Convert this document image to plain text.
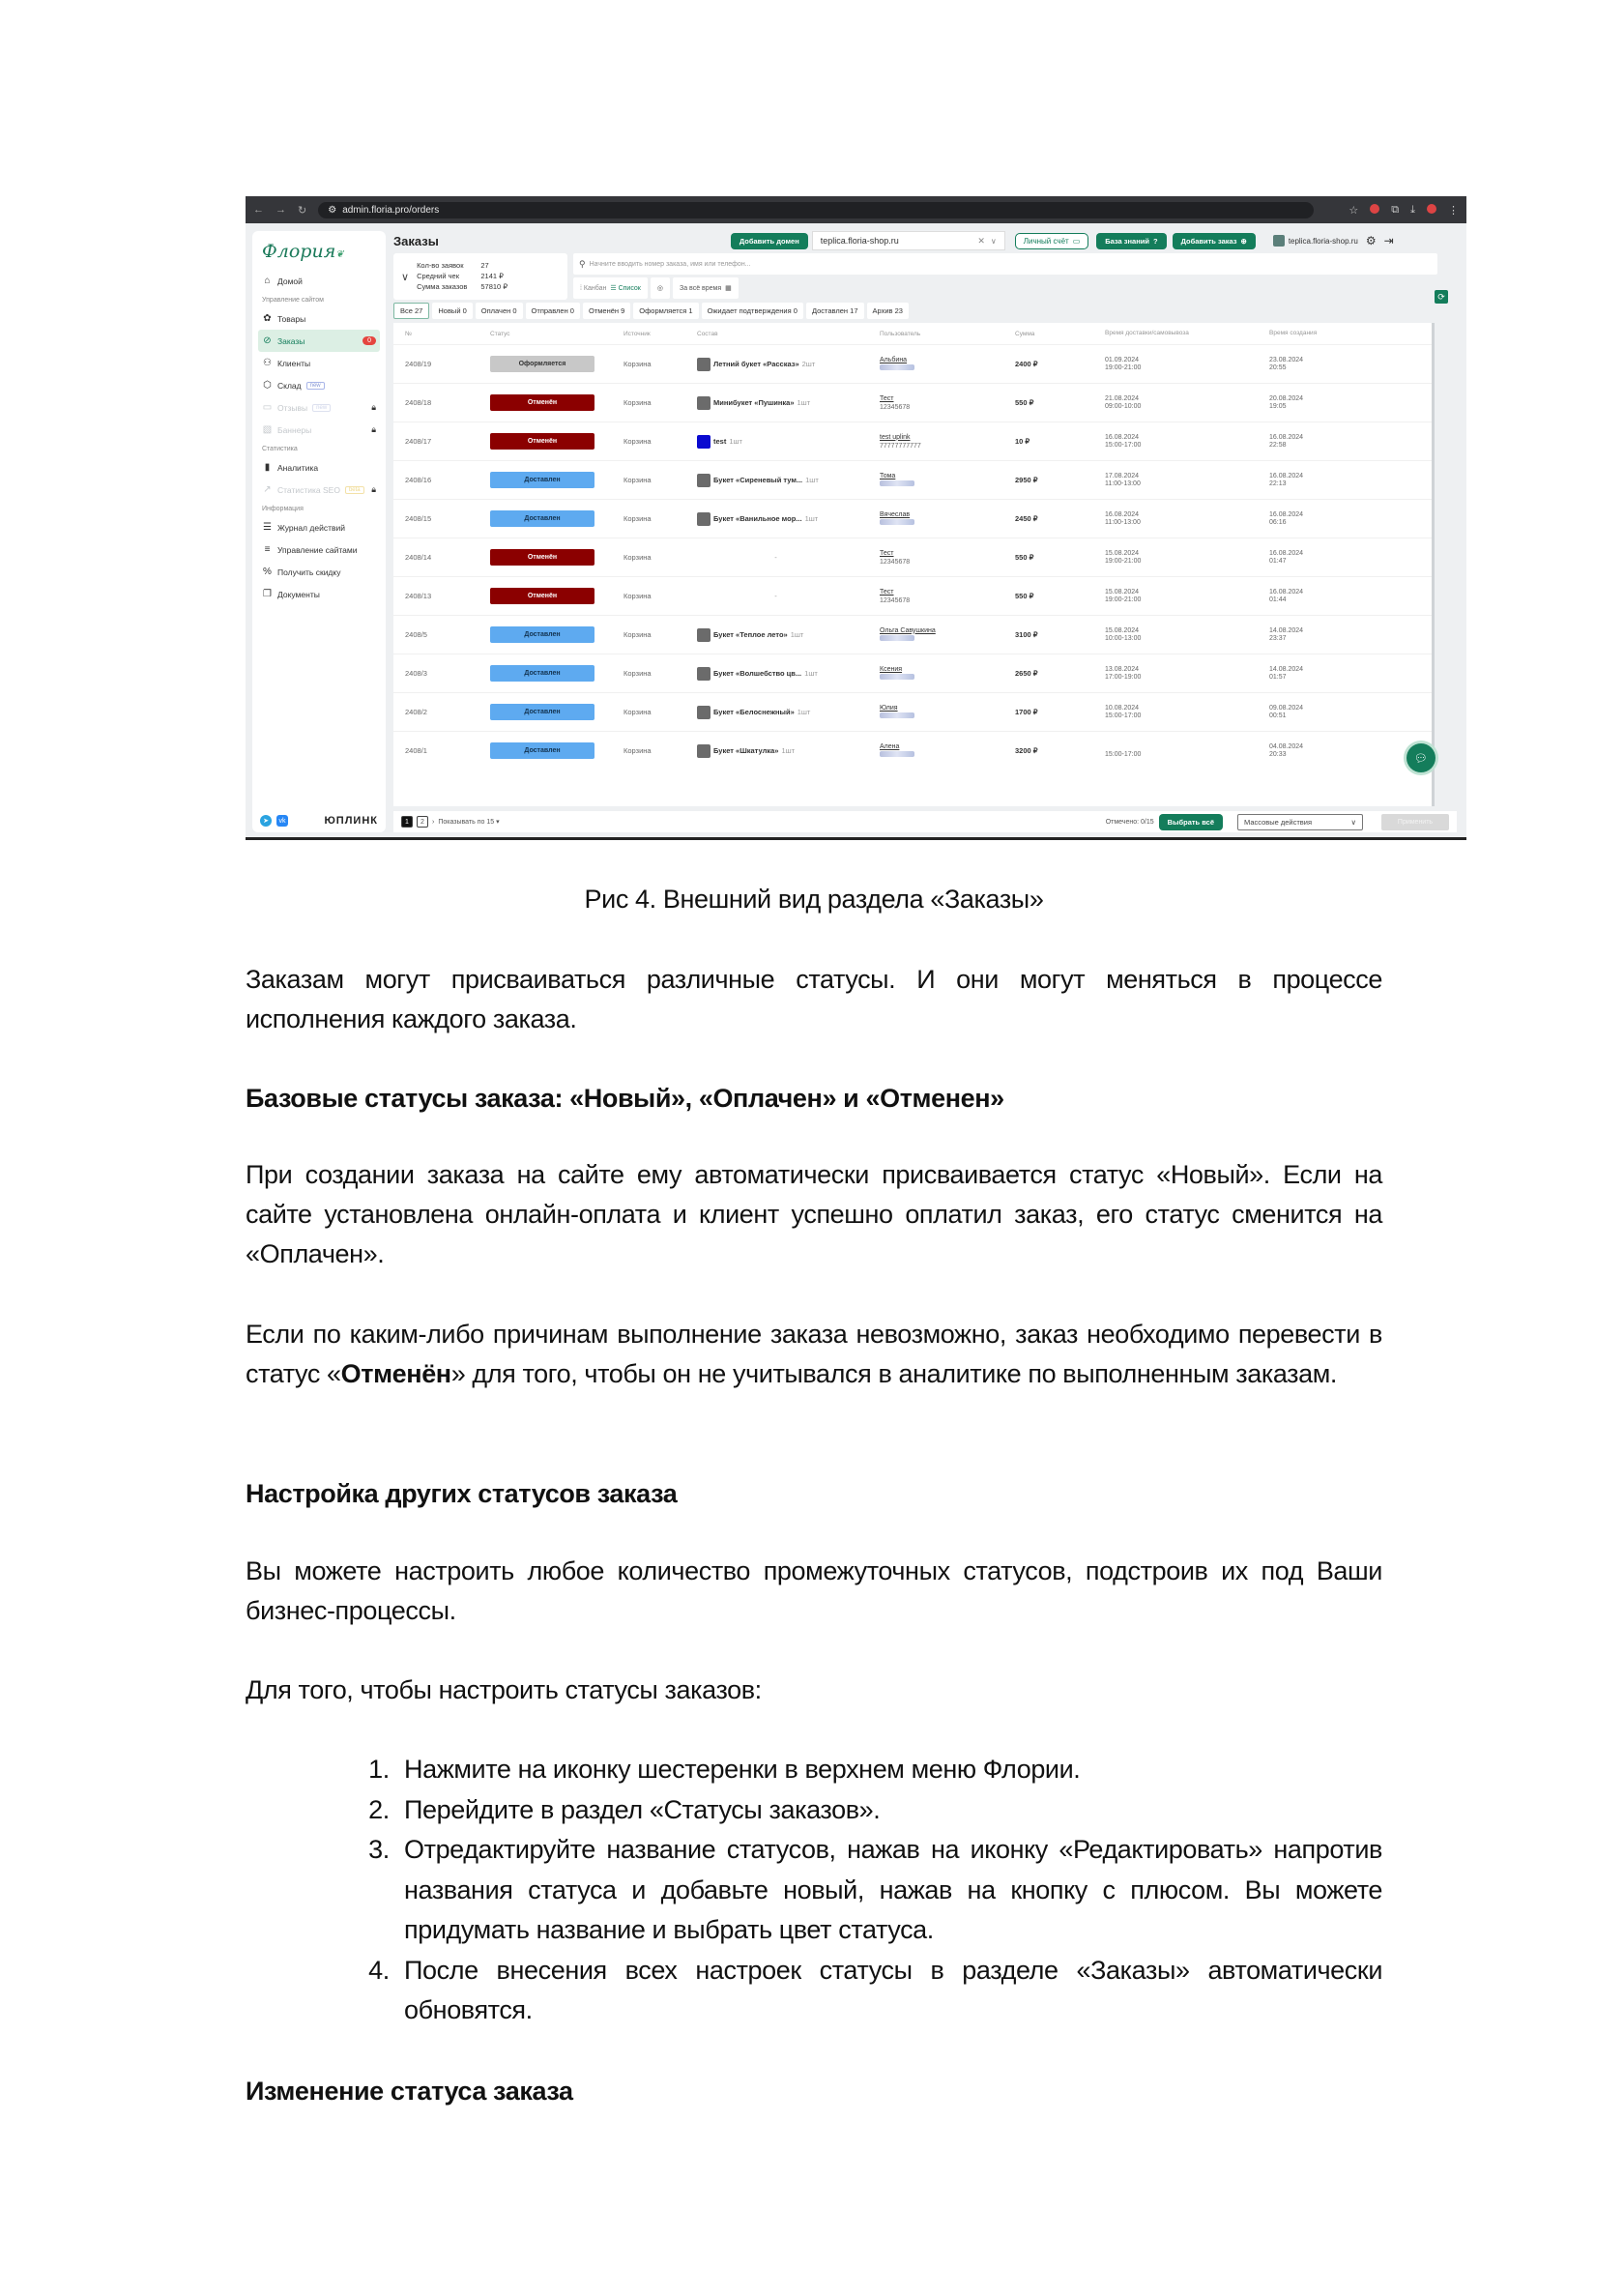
← → ↻ ⚙ admin.floria.pro/orders	☆	⧉ ⤓	⋮
Флория❦
⌂ Домой
Управление сайтом
✿ Товары
⊘ Заказы	0
⚇ Клиенты
⬡ Склад	new
▭ Отзывы	new	🔒︎
▧ Баннеры	🔒︎
Статистика
▮ Аналитика
↗ Статистика SEO	beta	🔒︎
Информация
☰ Журнал действий
≡ Управление сайтами
% Получить скидку
❐ Документы
➤	vk	ЮПЛИНК
Заказы	Добавить домен	teplica.floria-shop.ru	✕ ∨	Личный счёт ▭	База знаний ?	Добавить заказ ⊕	teplica.floria-shop.ru ⚙ ⇥
∨
Кол-во заявок	27
Средний чек	2141 ₽
Сумма заказов	57810 ₽
⚲ Начните вводить номер заказа, имя или телефон...
⁞ Канбан ☰ Список ◎ За всё время ▦
⟳
Все 27	Новый 0	Оплачен 0	Отправлен 0	Отменён 9	Оформляется 1	Ожидает подтверждения 0	Доставлен 17	Архив 23
№	Статус	Источник	Состав	Пользователь	Сумма	Время доставки/самовывоза	Время создания
2408/19	Оформляется	Корзина	Летний букет «Рассказ» 2шт	Альбина	2400 ₽	01.09.2024
19:00-21:00
23.08.2024
20:55
2408/18	Отменён	Корзина	Минибукет «Пушинка» 1шт	Тест
12345678	550 ₽	21.08.2024
09:00-10:00
20.08.2024
19:05
2408/17	Отменён	Корзина	test 1шт	test uplink
77777777777	10 ₽	16.08.2024
15:00-17:00
16.08.2024
22:58
2408/16	Доставлен	Корзина	Букет «Сиреневый тум... 1шт	Тома	2950 ₽	17.08.2024
11:00-13:00
16.08.2024
22:13
2408/15	Доставлен	Корзина	Букет «Ванильное мор... 1шт	Вячеслав	2450 ₽	16.08.2024
11:00-13:00
16.08.2024
06:16
2408/14	Отменён	Корзина	-	Тест
12345678	550 ₽	15.08.2024
19:00-21:00
16.08.2024
01:47
2408/13	Отменён	Корзина	-	Тест
12345678	550 ₽	15.08.2024
19:00-21:00
16.08.2024
01:44
2408/5	Доставлен	Корзина	Букет «Теплое лето» 1шт	Ольга Савушкина	3100 ₽	15.08.2024
10:00-13:00
14.08.2024
23:37
2408/3	Доставлен	Корзина	Букет «Волшебство цв... 1шт	Ксения	2650 ₽	13.08.2024
17:00-19:00
14.08.2024
01:57
2408/2	Доставлен	Корзина	Букет «Белоснежный» 1шт	Юлия	1700 ₽	10.08.2024
15:00-17:00
09.08.2024
00:51
2408/1	Доставлен	Корзина	Букет «Шкатулка» 1шт	Алена	3200 ₽	15:00-17:00
04.08.2024
20:33	💬︎
1	2	› Показывать по 15 ▾	Отмечено: 0/15	Выбрать всё	Массовые действия	∨	Применить
Рис 4. Внешний вид раздела «Заказы»

Заказам могут присваиваться различные статусы. И они могут меняться в процессе исполнения каждого заказа.

Базовые статусы заказа: «Новый», «Оплачен» и «Отменен»

При создании заказа на сайте ему автоматически присваивается статус «Новый». Если на сайте установлена онлайн-оплата и клиент успешно оплатил заказ, его статус сменится на «Оплачен».

Если по каким-либо причинам выполнение заказа невозможно, заказ необходимо перевести в статус «Отменён» для того, чтобы он не учитывался в аналитике по выполненным заказам.

Настройка других статусов заказа

Вы можете настроить любое количество промежуточных статусов, подстроив их под Ваши бизнес-процессы.

Для того, чтобы настроить статусы заказов:

1. Нажмите на иконку шестеренки в верхнем меню Флории.
2. Перейдите в раздел «Статусы заказов».
3. Отредактируйте название статусов, нажав на иконку «Редактировать» напротив названия статуса и добавьте новый, нажав на кнопку с плюсом. Вы можете придумать название и выбрать цвет статуса.
4. После внесения всех настроек статусы в разделе «Заказы» автоматически обновятся.
Изменение статуса заказа
